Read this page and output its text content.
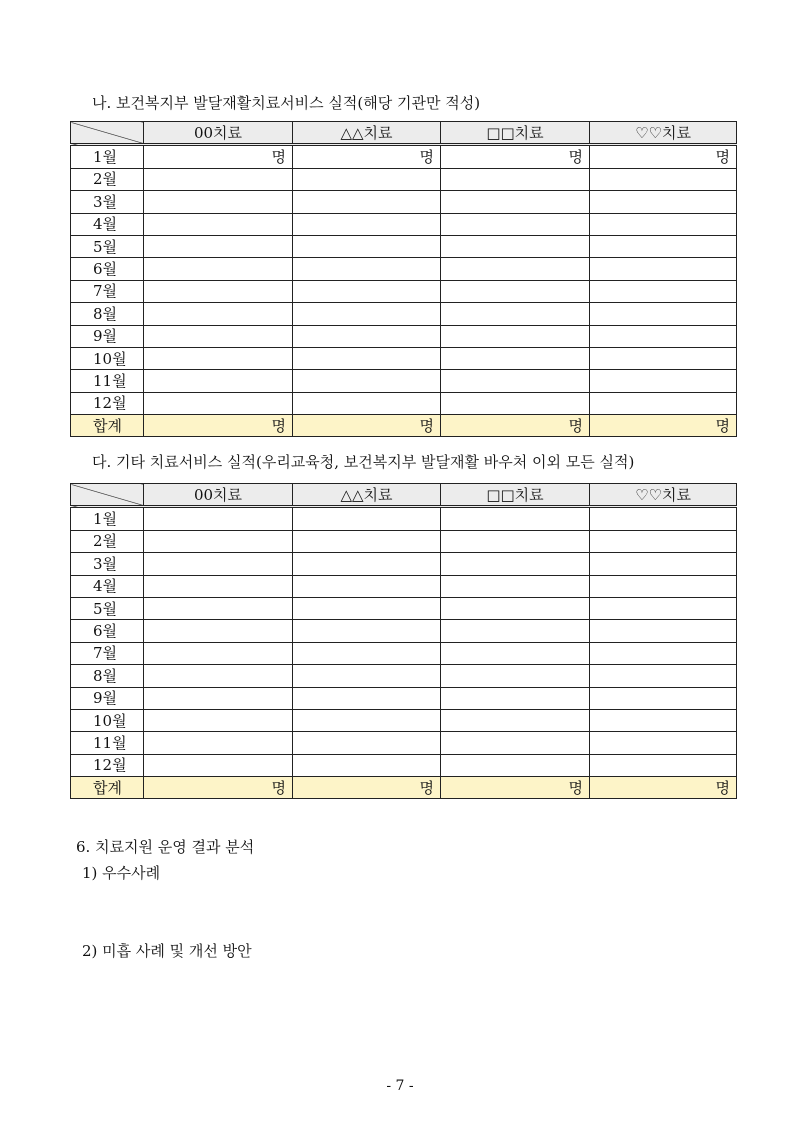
나. 보건복지부 발달재활치료서비스 실적(해당 기관만 적성)
	00치료	△△치료	□□치료	♡♡치료
1월	명	명	명	명
2월				
3월				
4월				
5월				
6월				
7월				
8월				
9월				
10월				
11월				
12월				
합계	명	명	명	명
다. 기타 치료서비스 실적(우리교육청, 보건복지부 발달재활 바우처 이외 모든 실적)
	00치료	△△치료	□□치료	♡♡치료
1월				
2월				
3월				
4월				
5월				
6월				
7월				
8월				
9월				
10월				
11월				
12월				
합계	명	명	명	명
6. 치료지원 운영 결과 분석
1) 우수사례
2) 미흡 사례 및 개선 방안
- 7 -
